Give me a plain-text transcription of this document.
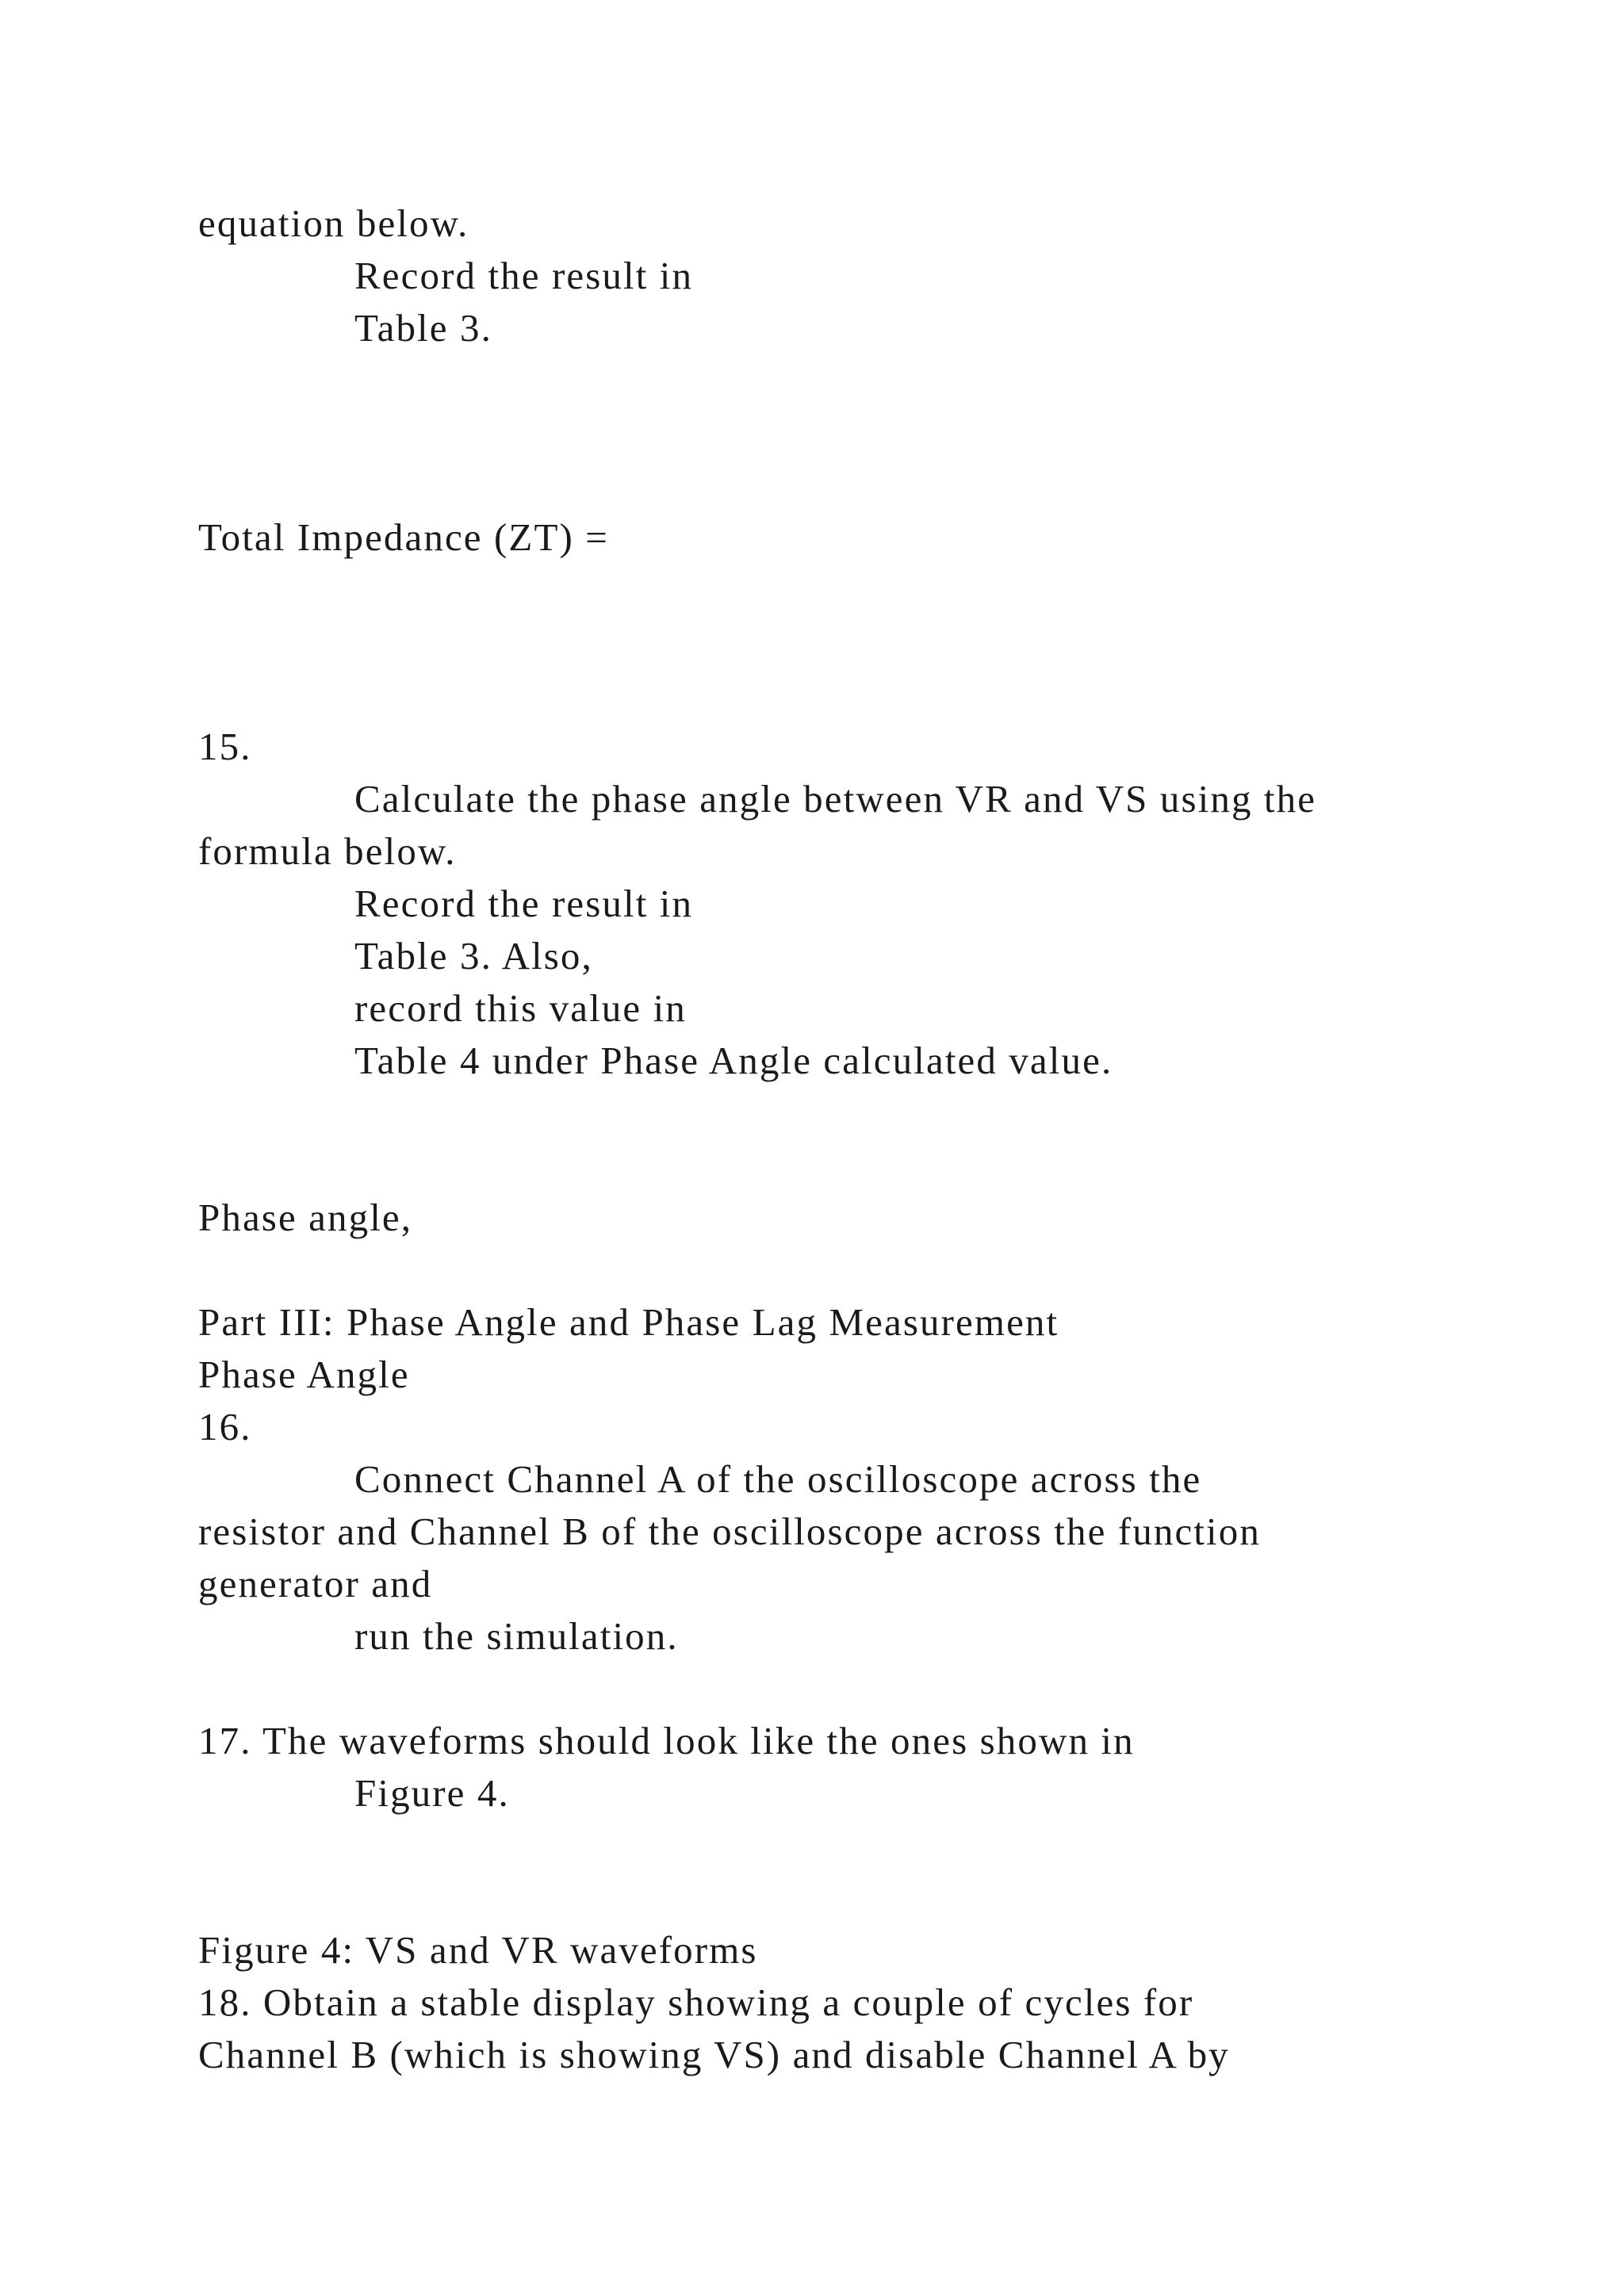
equation below.
Record the result in
Table 3.
Total Impedance (ZT) =
15.
Calculate the phase angle between VR and VS using the
formula below.
Record the result in
Table 3. Also,
record this value in
Table 4 under Phase Angle calculated value.
Phase angle,
Part III: Phase Angle and Phase Lag Measurement
Phase Angle
16.
Connect Channel A of the oscilloscope across the
resistor and Channel B of the oscilloscope across the function
generator and
run the simulation.
17. The waveforms should look like the ones shown in
Figure 4.
Figure 4: VS and VR waveforms
18. Obtain a stable display showing a couple of cycles for
Channel B (which is showing VS) and disable Channel A by
